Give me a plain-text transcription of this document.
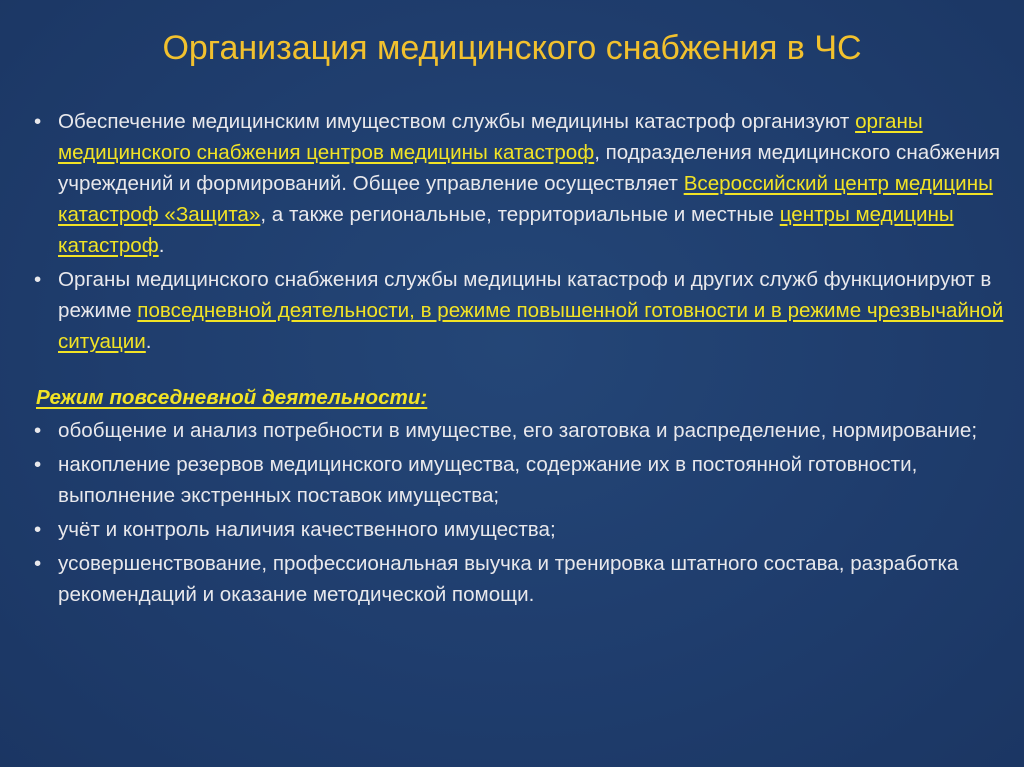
Организация медицинского снабжения в ЧС

• Обеспечение медицинским имуществом службы медицины катастроф организуют органы медицинского снабжения центров медицины катастроф, подразделения медицинского снабжения учреждений и формирований. Общее управление осуществляет Всероссийский центр медицины катастроф «Защита», а также региональные, территориальные и местные центры медицины катастроф.

• Органы медицинского снабжения службы медицины катастроф и других служб функционируют в режиме повседневной деятельности, в режиме повышенной готовности и в режиме чрезвычайной ситуации.

Режим повседневной деятельности:

• обобщение и анализ потребности в имуществе, его заготовка и распределение, нормирование;

• накопление резервов медицинского имущества, содержание их в постоянной готовности, выполнение экстренных поставок имущества;

• учёт и контроль наличия качественного имущества;

• усовершенствование, профессиональная выучка и тренировка штатного состава, разработка рекомендаций и оказание методической помощи.
